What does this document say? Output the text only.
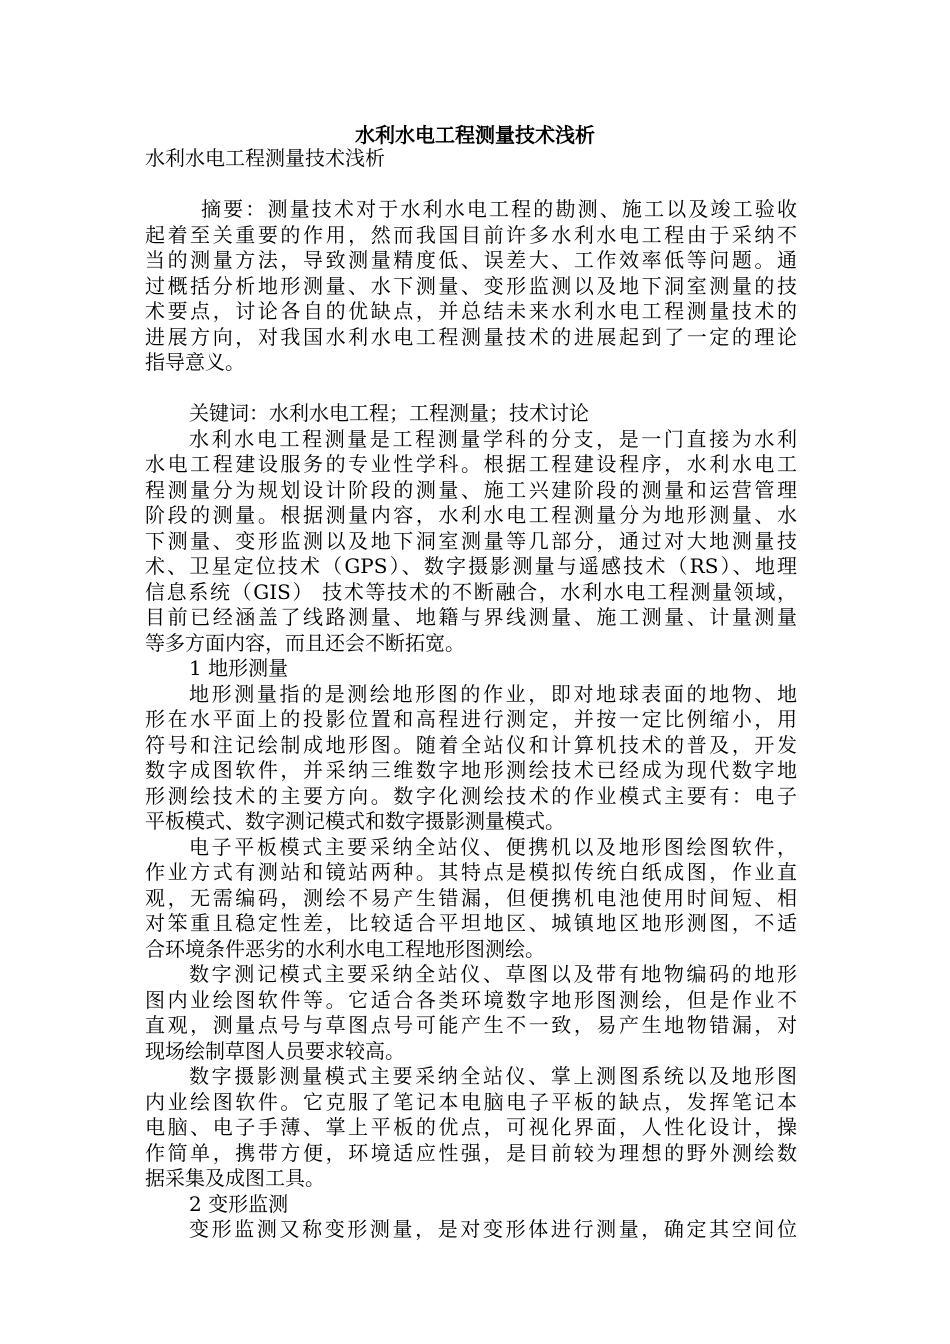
水利水电工程测量技术浅析
水利水电工程测量技术浅析
摘要：测量技术对于水利水电工程的勘测、施工以及竣工验收
起着至关重要的作用，然而我国目前许多水利水电工程由于采纳不
当的测量方法，导致测量精度低、误差大、工作效率低等问题。通
过概括分析地形测量、水下测量、变形监测以及地下洞室测量的技
术要点，讨论各自的优缺点，并总结未来水利水电工程测量技术的
进展方向，对我国水利水电工程测量技术的进展起到了一定的理论
指导意义。
关键词：水利水电工程；工程测量；技术讨论
水利水电工程测量是工程测量学科的分支，是一门直接为水利
水电工程建设服务的专业性学科。根据工程建设程序，水利水电工
程测量分为规划设计阶段的测量、施工兴建阶段的测量和运营管理
阶段的测量。根据测量内容，水利水电工程测量分为地形测量、水
下测量、变形监测以及地下洞室测量等几部分，通过对大地测量技
术、卫星定位技术（GPS）、数字摄影测量与遥感技术（RS）、地理
信息系统（GIS） 技术等技术的不断融合，水利水电工程测量领域，
目前已经涵盖了线路测量、地籍与界线测量、施工测量、计量测量
等多方面内容，而且还会不断拓宽。
1 地形测量
地形测量指的是测绘地形图的作业，即对地球表面的地物、地
形在水平面上的投影位置和高程进行测定，并按一定比例缩小，用
符号和注记绘制成地形图。随着全站仪和计算机技术的普及，开发
数字成图软件，并采纳三维数字地形测绘技术已经成为现代数字地
形测绘技术的主要方向。数字化测绘技术的作业模式主要有：电子
平板模式、数字测记模式和数字摄影测量模式。
电子平板模式主要采纳全站仪、便携机以及地形图绘图软件，
作业方式有测站和镜站两种。其特点是模拟传统白纸成图，作业直
观，无需编码，测绘不易产生错漏，但便携机电池使用时间短、相
对笨重且稳定性差，比较适合平坦地区、城镇地区地形测图，不适
合环境条件恶劣的水利水电工程地形图测绘。
数字测记模式主要采纳全站仪、草图以及带有地物编码的地形
图内业绘图软件等。它适合各类环境数字地形图测绘，但是作业不
直观，测量点号与草图点号可能产生不一致，易产生地物错漏，对
现场绘制草图人员要求较高。
数字摄影测量模式主要采纳全站仪、掌上测图系统以及地形图
内业绘图软件。它克服了笔记本电脑电子平板的缺点，发挥笔记本
电脑、电子手薄、掌上平板的优点，可视化界面，人性化设计，操
作简单，携带方便，环境适应性强，是目前较为理想的野外测绘数
据采集及成图工具。
2 变形监测
变形监测又称变形测量，是对变形体进行测量，确定其空间位
